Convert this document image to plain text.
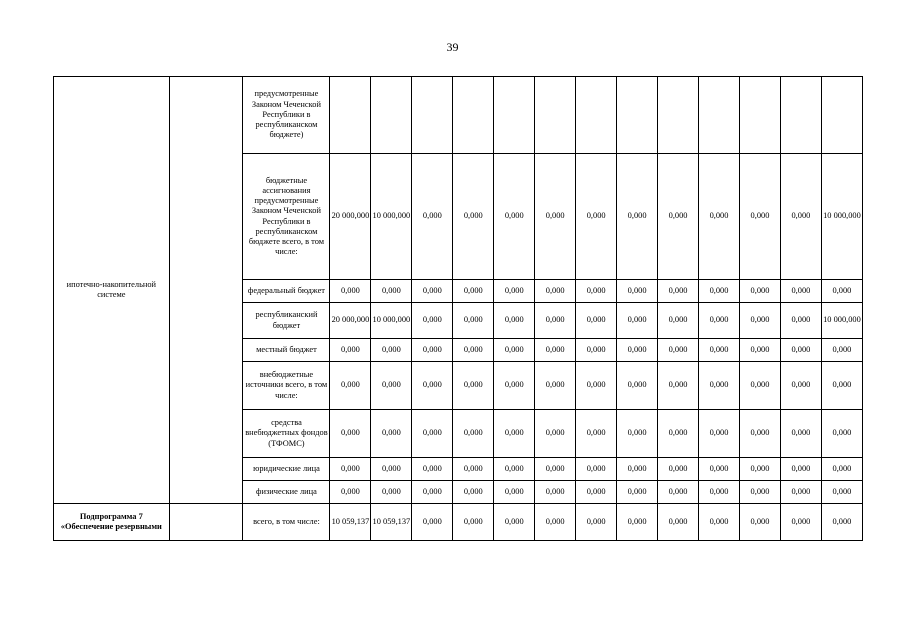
39
ипотечно-накопительной системе		предусмотренные Законом Чеченской Республики в республиканском бюджете)													
		бюджетные ассигнования предусмотренные Законом Чеченской Республики в республиканском бюджете всего, в том числе:	20 000,000	10 000,000	0,000	0,000	0,000	0,000	0,000	0,000	0,000	0,000	0,000	0,000	10 000,000
		федеральный бюджет	0,000	0,000	0,000	0,000	0,000	0,000	0,000	0,000	0,000	0,000	0,000	0,000	0,000
		республиканский бюджет	20 000,000	10 000,000	0,000	0,000	0,000	0,000	0,000	0,000	0,000	0,000	0,000	0,000	10 000,000
		местный бюджет	0,000	0,000	0,000	0,000	0,000	0,000	0,000	0,000	0,000	0,000	0,000	0,000	0,000
		внебюджетные источники всего, в том числе:	0,000	0,000	0,000	0,000	0,000	0,000	0,000	0,000	0,000	0,000	0,000	0,000	0,000
		средства внебюджетных фондов (ТФОМС)	0,000	0,000	0,000	0,000	0,000	0,000	0,000	0,000	0,000	0,000	0,000	0,000	0,000
		юридические лица	0,000	0,000	0,000	0,000	0,000	0,000	0,000	0,000	0,000	0,000	0,000	0,000	0,000
		физические лица	0,000	0,000	0,000	0,000	0,000	0,000	0,000	0,000	0,000	0,000	0,000	0,000	0,000
Подпрограмма 7 «Обеспечение резервными		всего, в том числе:	10 059,137	10 059,137	0,000	0,000	0,000	0,000	0,000	0,000	0,000	0,000	0,000	0,000	0,000
